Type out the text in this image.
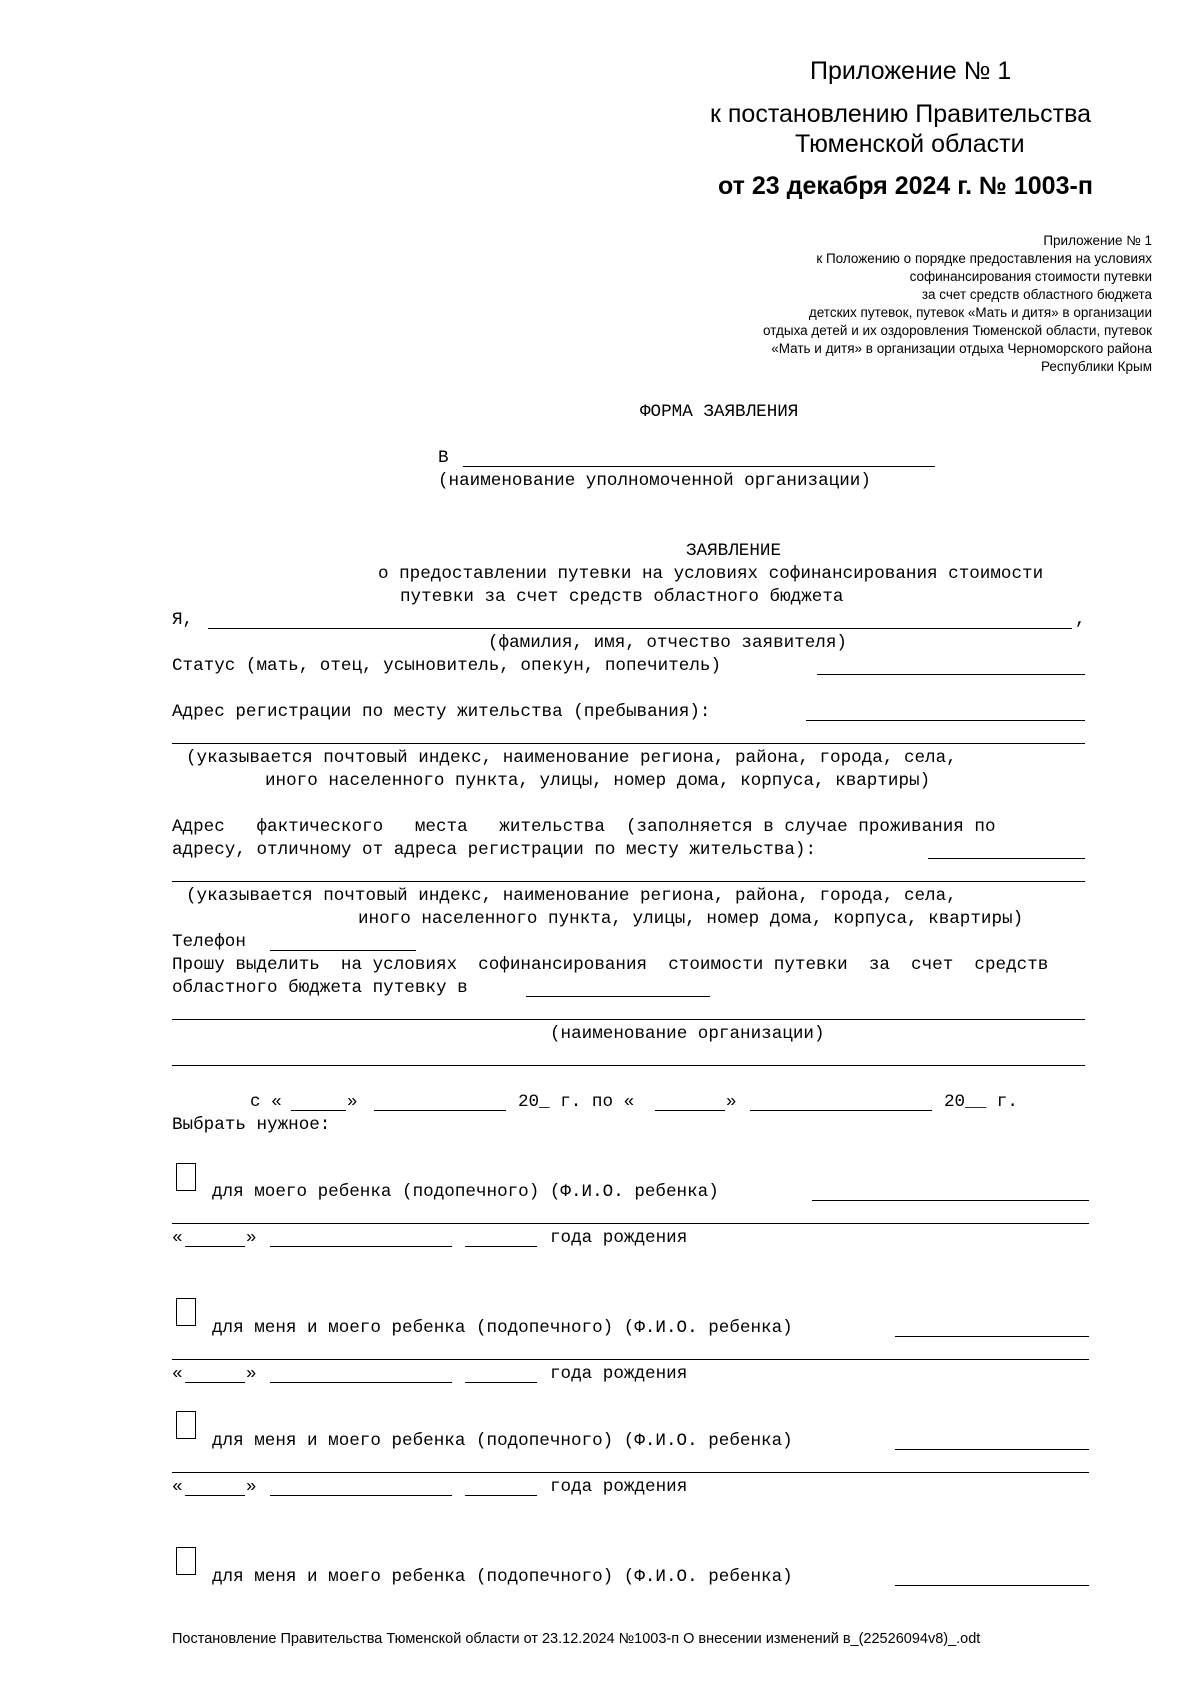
Приложение № 1
к постановлению Правительства
Тюменской области
от 23 декабря 2024 г. № 1003-п
Приложение № 1
к Положению о порядке предоставления на условиях
софинансирования стоимости путевки
за счет средств областного бюджета
детских путевок, путевок «Мать и дитя» в организации
отдыха детей и их оздоровления Тюменской области, путевок
«Мать и дитя» в организации отдыха Черноморского района
Республики Крым
ФОРМА ЗАЯВЛЕНИЯ
В
(наименование уполномоченной организации)
ЗАЯВЛЕНИЕ
о предоставлении путевки на условиях софинансирования стоимости
путевки за счет средств областного бюджета
Я,	,
(фамилия, имя, отчество заявителя)
Статус (мать, отец, усыновитель, опекун, попечитель)
Адрес регистрации по месту жительства (пребывания):
(указывается почтовый индекс, наименование региона, района, города, села,
иного населенного пункта, улицы, номер дома, корпуса, квартиры)
Адрес   фактического   места   жительства  (заполняется в случае проживания по
адресу, отличному от адреса регистрации по месту жительства):
(указывается почтовый индекс, наименование региона, района, города, села,
иного населенного пункта, улицы, номер дома, корпуса, квартиры)
Телефон
Прошу выделить  на условиях  софинансирования  стоимости путевки  за  счет  средств
областного бюджета путевку в
(наименование организации)
с «	»	20_ г. по «	»	20__ г.
Выбрать нужное:
для моего ребенка (подопечного) (Ф.И.О. ребенка)
«	»	года рождения
для меня и моего ребенка (подопечного) (Ф.И.О. ребенка)
«	»	года рождения
для меня и моего ребенка (подопечного) (Ф.И.О. ребенка)
«	»	года рождения
для меня и моего ребенка (подопечного) (Ф.И.О. ребенка)
Постановление Правительства Тюменской области от 23.12.2024 №1003-п О внесении изменений в_(22526094v8)_.odt
